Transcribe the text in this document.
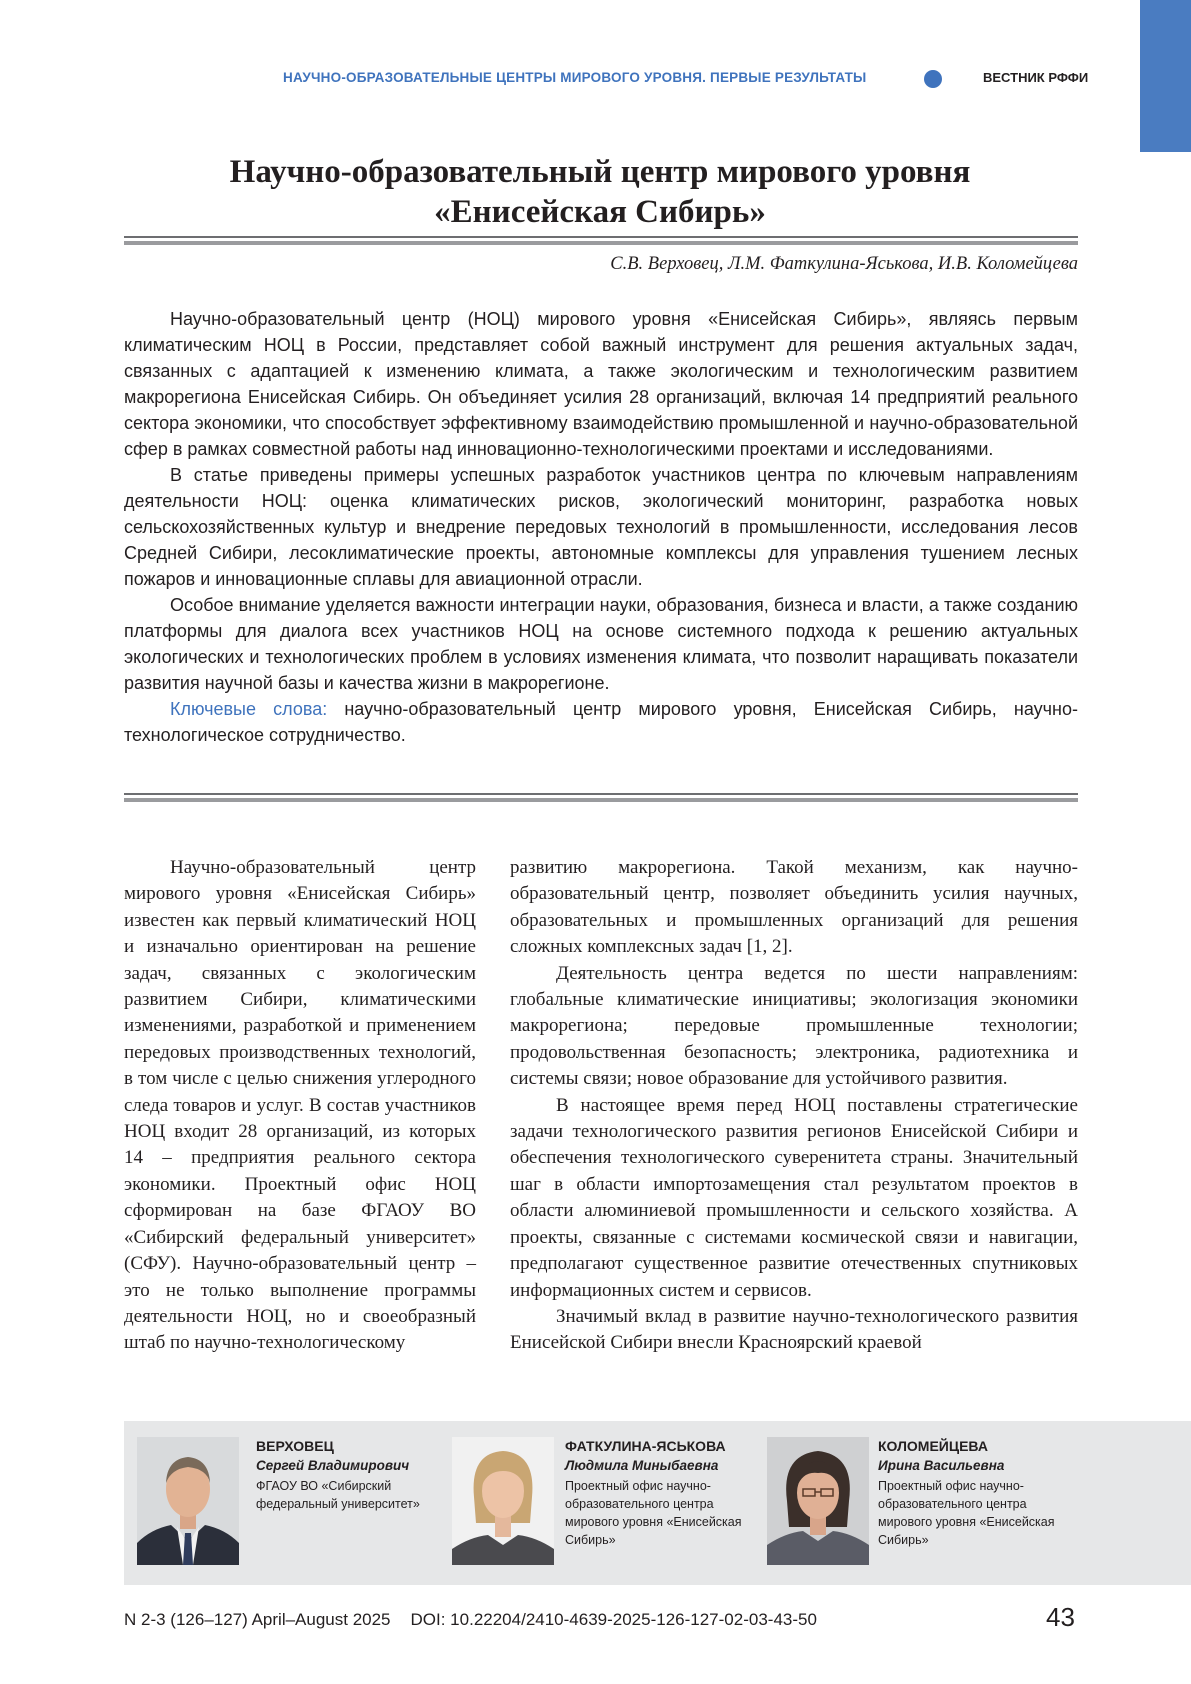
НАУЧНО-ОБРАЗОВАТЕЛЬНЫЕ ЦЕНТРЫ МИРОВОГО УРОВНЯ. ПЕРВЫЕ РЕЗУЛЬТАТЫ	ВЕСТНИК РФФИ
Научно-образовательный центр мирового уровня
«Енисейская Сибирь»
С.В. Верховец, Л.М. Фаткулина-Яськова, И.В. Коломейцева

Научно-образовательный центр (НОЦ) мирового уровня «Енисейская Сибирь», являясь первым климатическим НОЦ в России, представляет собой важный инструмент для решения актуальных задач, связанных с адаптацией к изменению климата, а также экологическим и технологическим развитием макрорегиона Енисейская Сибирь. Он объединяет усилия 28 организаций, включая 14 предприятий реального сектора экономики, что способствует эффективному взаимодействию промышленной и научно-образовательной сфер в рамках совместной работы над инновационно-технологическими проектами и исследованиями.

В статье приведены примеры успешных разработок участников центра по ключевым направлениям деятельности НОЦ: оценка климатических рисков, экологический мониторинг, разработка новых сельскохозяйственных культур и внедрение передовых технологий в промышленности, исследования лесов Средней Сибири, лесоклиматические проекты, автономные комплексы для управления тушением лесных пожаров и инновационные сплавы для авиационной отрасли.

Особое внимание уделяется важности интеграции науки, образования, бизнеса и власти, а также созданию платформы для диалога всех участников НОЦ на основе системного подхода к решению актуальных экологических и технологических проблем в условиях изменения климата, что позволит наращивать показатели развития научной базы и качества жизни в макрорегионе.

Ключевые слова: научно-образовательный центр мирового уровня, Енисейская Сибирь, научно-технологическое сотрудничество.

Научно-образовательный центр мирового уровня «Енисейская Сибирь» известен как первый климатический НОЦ и изначально ориентирован на решение задач, связанных с экологическим развитием Сибири, климатическими изменениями, разработкой и применением передовых производственных технологий, в том числе с целью снижения углеродного следа товаров и услуг. В состав участников НОЦ входит 28 организаций, из которых 14 – предприятия реального сектора экономики. Проектный офис НОЦ сформирован на базе ФГАОУ ВО «Сибирский федеральный университет» (СФУ). Научно-образовательный центр – это не только выполнение программы деятельности НОЦ, но и своеобразный штаб по научно-технологическому

развитию макрорегиона. Такой механизм, как научно-образовательный центр, позволяет объединить усилия научных, образовательных и промышленных организаций для решения сложных комплексных задач [1, 2].

Деятельность центра ведется по шести направлениям: глобальные климатические инициативы; экологизация экономики макрорегиона; передовые промышленные технологии; продовольственная безопасность; электроника, радиотехника и системы связи; новое образование для устойчивого развития.

В настоящее время перед НОЦ поставлены стратегические задачи технологического развития регионов Енисейской Сибири и обеспечения технологического суверенитета страны. Значительный шаг в области импортозамещения стал результатом проектов в области алюминиевой промышленности и сельского хозяйства. А проекты, связанные с системами космической связи и навигации, предполагают существенное развитие отечественных спутниковых информационных систем и сервисов.

Значимый вклад в развитие научно-технологического развития Енисейской Сибири внесли Красноярский краевой

ВЕРХОВЕЦ
Сергей Владимирович
ФГАОУ ВО «Сибирский федеральный университет»
ФАТКУЛИНА-ЯСЬКОВА
Людмила Миныбаевна
Проектный офис научно-образовательного центра мирового уровня «Енисейская Сибирь»
КОЛОМЕЙЦЕВА
Ирина Васильевна
Проектный офис научно-образовательного центра мирового уровня «Енисейская Сибирь»
N 2-3 (126–127) April–August 2025 DOI: 10.22204/2410-4639-2025-126-127-02-03-43-50	43
